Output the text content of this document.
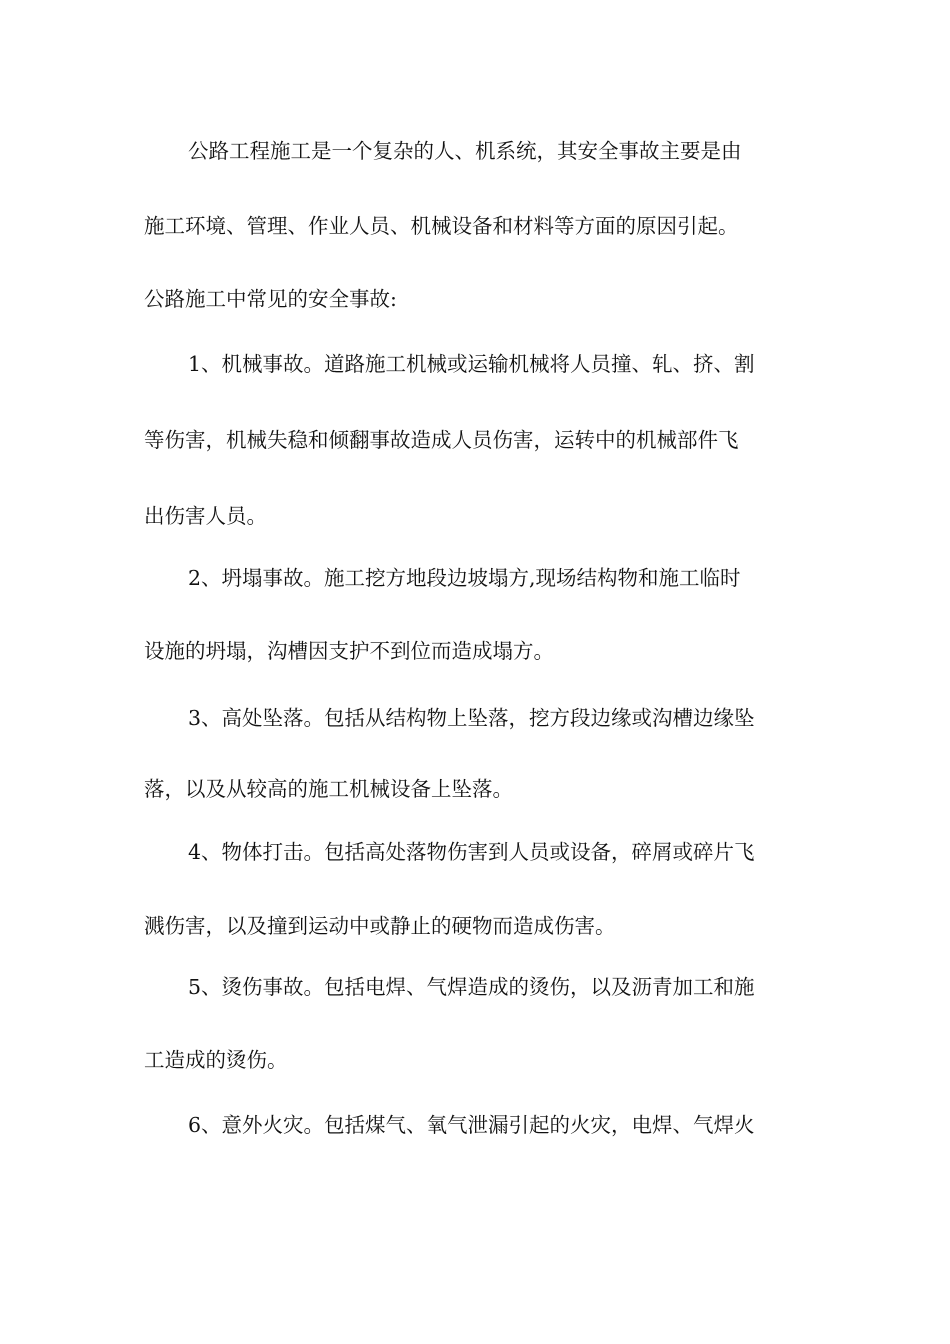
公路工程施工是一个复杂的人、机系统，其安全事故主要是由
施工环境、管理、作业人员、机械设备和材料等方面的原因引起。
公路施工中常见的安全事故:
1、机械事故。道路施工机械或运输机械将人员撞、轧、挤、割
等伤害，机械失稳和倾翻事故造成人员伤害，运转中的机械部件飞
出伤害人员。
2、坍塌事故。施工挖方地段边坡塌方,现场结构物和施工临时
设施的坍塌，沟槽因支护不到位而造成塌方。
3、高处坠落。包括从结构物上坠落，挖方段边缘或沟槽边缘坠
落，以及从较高的施工机械设备上坠落。
4、物体打击。包括高处落物伤害到人员或设备，碎屑或碎片飞
溅伤害，以及撞到运动中或静止的硬物而造成伤害。
5、烫伤事故。包括电焊、气焊造成的烫伤，以及沥青加工和施
工造成的烫伤。
6、意外火灾。包括煤气、氧气泄漏引起的火灾，电焊、气焊火
